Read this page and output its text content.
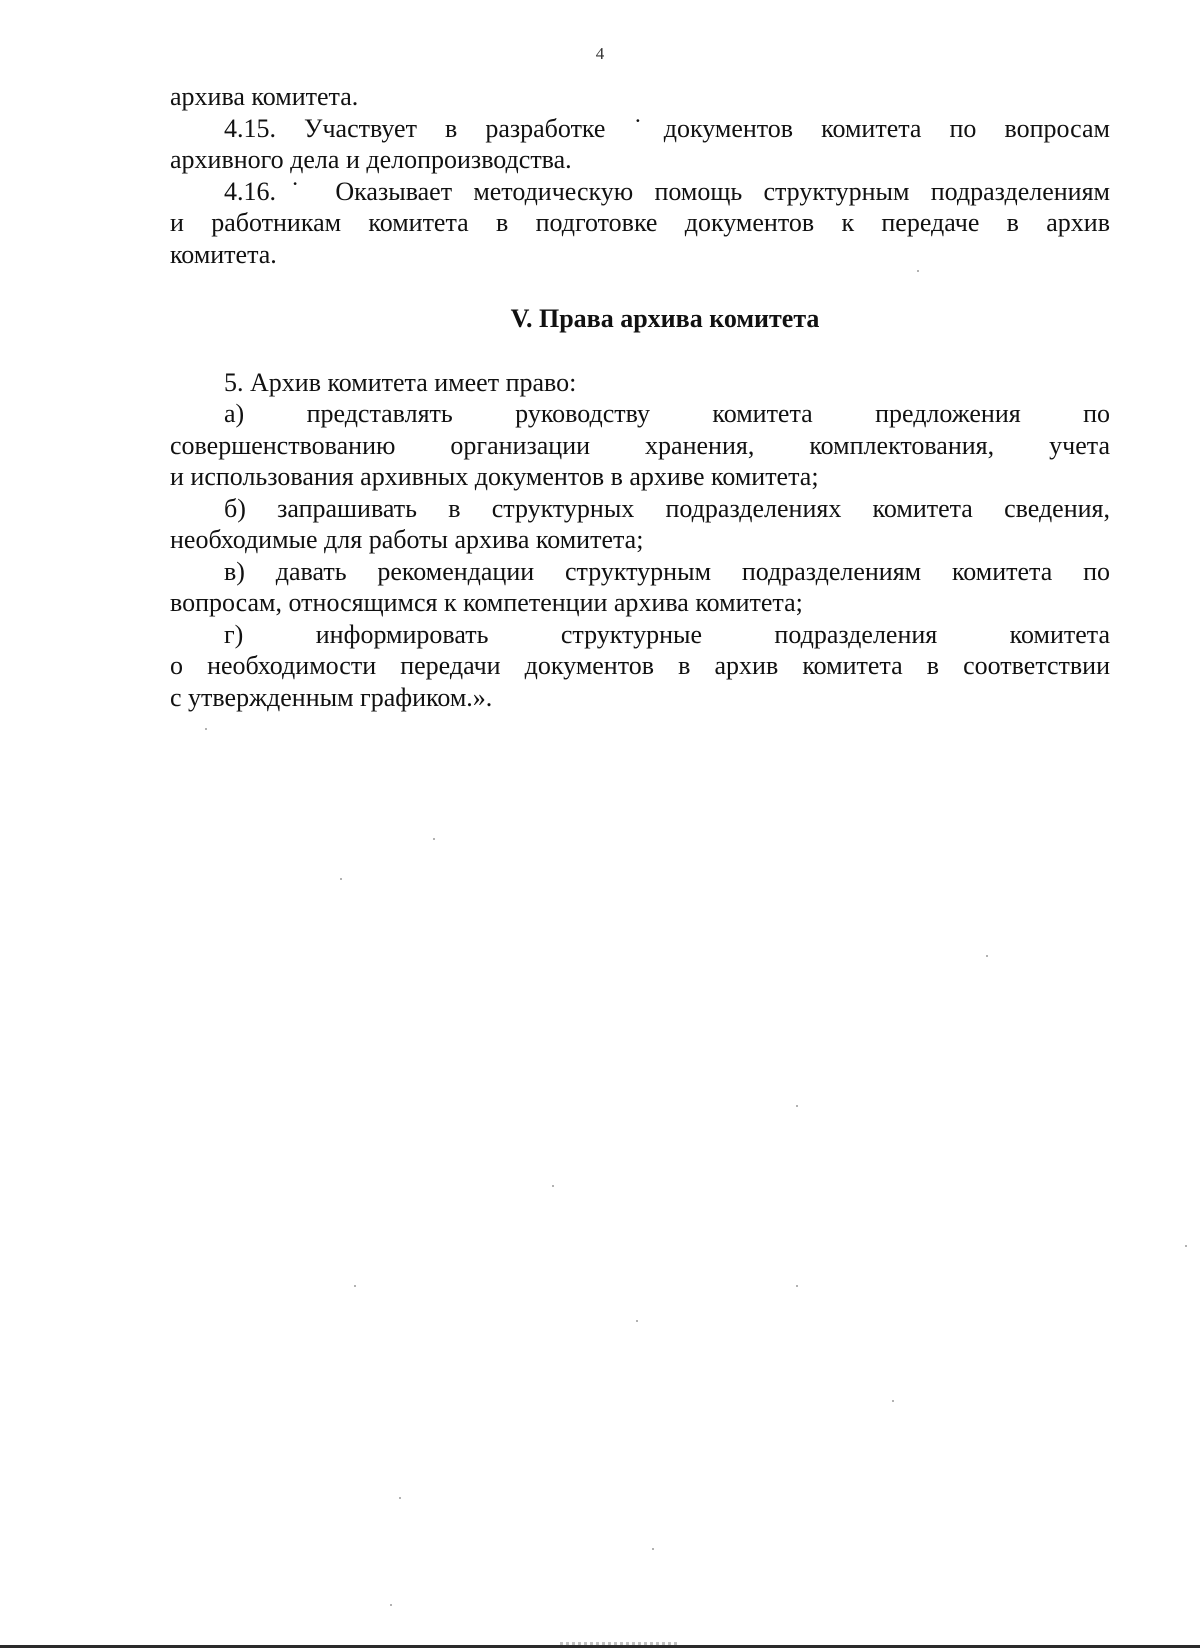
4

архива комитета.

4.15. Участвует в разработке ˙документов комитета по вопросам
архивного дела и делопроизводства.

4.16.˙ Оказывает методическую помощь структурным подразделениям
и работникам комитета в подготовке документов к передаче в архив
комитета.

V. Права архива комитета

5. Архив комитета имеет право:

а) представлять руководству комитета предложения по
совершенствованию организации хранения, комплектования, учета
и использования архивных документов в архиве комитета;

б) запрашивать в структурных подразделениях комитета сведения,
необходимые для работы архива комитета;

в) давать рекомендации структурным подразделениям комитета по
вопросам, относящимся к компетенции архива комитета;

г) информировать структурные подразделения комитета
о необходимости передачи документов в архив комитета в соответствии
с утвержденным графиком.».
